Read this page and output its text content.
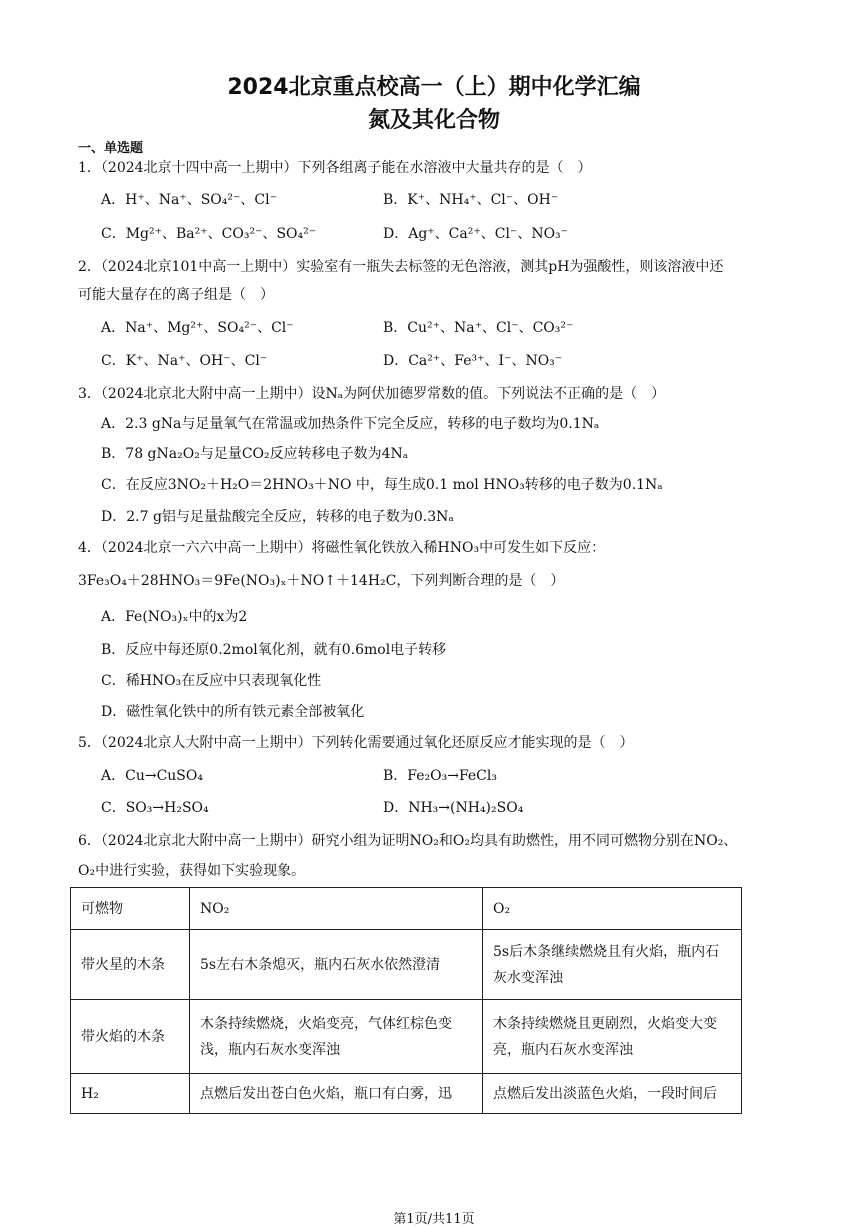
2024北京重点校高一（上）期中化学汇编
氮及其化合物
一、单选题
1．（2024北京十四中高一上期中）下列各组离子能在水溶液中大量共存的是（　）
A．H⁺、Na⁺、SO₄²⁻、Cl⁻	B．K⁺、NH₄⁺、Cl⁻、OH⁻
C．Mg²⁺、Ba²⁺、CO₃²⁻、SO₄²⁻	D．Ag⁺、Ca²⁺、Cl⁻、NO₃⁻
2．（2024北京101中高一上期中）实验室有一瓶失去标签的无色溶液，测其pH为强酸性，则该溶液中还
可能大量存在的离子组是（　）
A．Na⁺、Mg²⁺、SO₄²⁻、Cl⁻	B．Cu²⁺、Na⁺、Cl⁻、CO₃²⁻
C．K⁺、Na⁺、OH⁻、Cl⁻	D．Ca²⁺、Fe³⁺、I⁻、NO₃⁻
3．（2024北京北大附中高一上期中）设Nₐ为阿伏加德罗常数的值。下列说法不正确的是（　）
A．2.3 gNa与足量氧气在常温或加热条件下完全反应，转移的电子数均为0.1Nₐ
B．78 gNa₂O₂与足量CO₂反应转移电子数为4Nₐ
C．在反应3NO₂＋H₂O＝2HNO₃＋NO 中，每生成0.1 mol HNO₃转移的电子数为0.1Nₐ
D．2.7 g铝与足量盐酸完全反应，转移的电子数为0.3Nₐ
4．（2024北京一六六中高一上期中）将磁性氧化铁放入稀HNO₃中可发生如下反应：
3Fe₃O₄＋28HNO₃＝9Fe(NO₃)ₓ＋NO↑＋14H₂C，下列判断合理的是（　）
A．Fe(NO₃)ₓ中的x为2
B．反应中每还原0.2mol氧化剂，就有0.6mol电子转移
C．稀HNO₃在反应中只表现氧化性
D．磁性氧化铁中的所有铁元素全部被氧化
5．（2024北京人大附中高一上期中）下列转化需要通过氧化还原反应才能实现的是（　）
A．Cu→CuSO₄	B．Fe₂O₃→FeCl₃
C．SO₃→H₂SO₄	D．NH₃→(NH₄)₂SO₄
6．（2024北京北大附中高一上期中）研究小组为证明NO₂和O₂均具有助燃性，用不同可燃物分别在NO₂、
O₂中进行实验，获得如下实验现象。
可燃物	NO₂	O₂
带火星的木条	5s左右木条熄灭，瓶内石灰水依然澄清	5s后木条继续燃烧且有火焰，瓶内石灰水变浑浊
带火焰的木条	木条持续燃烧，火焰变亮，气体红棕色变浅，瓶内石灰水变浑浊	木条持续燃烧且更剧烈，火焰变大变亮，瓶内石灰水变浑浊
H₂	点燃后发出苍白色火焰，瓶口有白雾，迅	点燃后发出淡蓝色火焰，一段时间后
第1页/共11页
